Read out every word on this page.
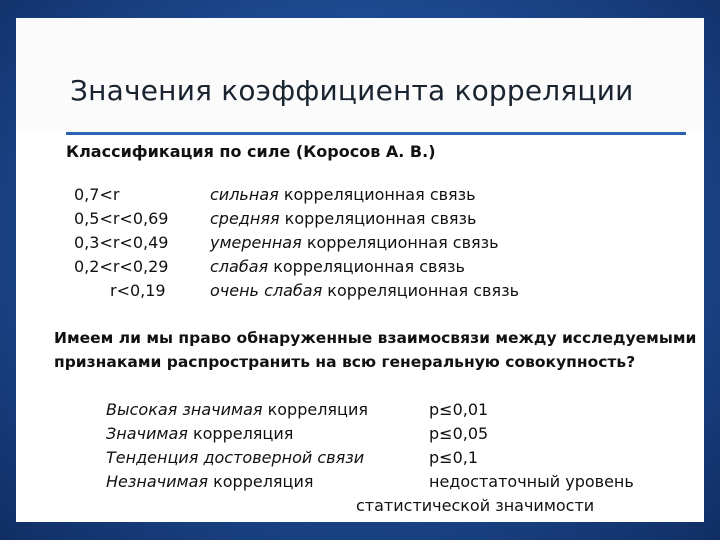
Значения коэффициента корреляции
Классификация по силе (Коросов А. В.)
0,7<r
0,5<r<0,69
0,3<r<0,49
0,2<r<0,29
r<0,19
сильная корреляционная связь
средняя корреляционная связь
умеренная корреляционная связь
слабая корреляционная связь
очень слабая корреляционная связь
Имеем ли мы право обнаруженные взаимосвязи между исследуемыми признаками распространить на всю генеральную совокупность?
Высокая значимая корреляция
Значимая корреляция
Тенденция достоверной связи
Незначимая корреляция
p≤0,01
p≤0,05
p≤0,1
недостаточный уровень
статистической значимости
